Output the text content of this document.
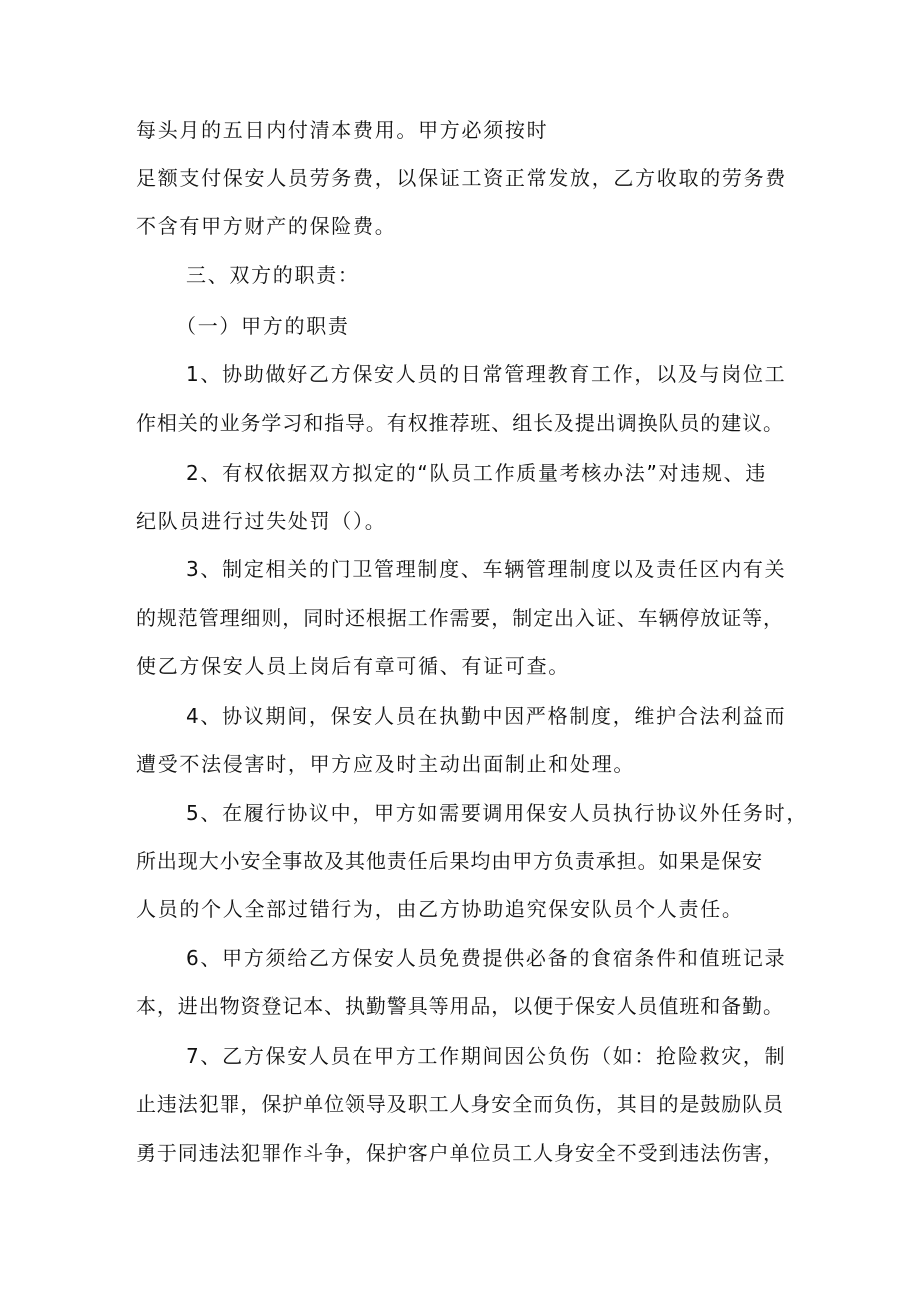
每头月的五日内付清本费用。甲方必须按时

足额支付保安人员劳务费，以保证工资正常发放，乙方收取的劳务费

不含有甲方财产的保险费。

三、双方的职责：

（一）甲方的职责

1、协助做好乙方保安人员的日常管理教育工作，以及与岗位工

作相关的业务学习和指导。有权推荐班、组长及提出调换队员的建议。

2、有权依据双方拟定的“队员工作质量考核办法”对违规、违

纪队员进行过失处罚（）。

3、制定相关的门卫管理制度、车辆管理制度以及责任区内有关

的规范管理细则，同时还根据工作需要，制定出入证、车辆停放证等，

使乙方保安人员上岗后有章可循、有证可查。

4、协议期间，保安人员在执勤中因严格制度，维护合法利益而

遭受不法侵害时，甲方应及时主动出面制止和处理。

5、在履行协议中，甲方如需要调用保安人员执行协议外任务时，

所出现大小安全事故及其他责任后果均由甲方负责承担。如果是保安

人员的个人全部过错行为，由乙方协助追究保安队员个人责任。

6、甲方须给乙方保安人员免费提供必备的食宿条件和值班记录

本，进出物资登记本、执勤警具等用品，以便于保安人员值班和备勤。

7、乙方保安人员在甲方工作期间因公负伤（如：抢险救灾，制

止违法犯罪，保护单位领导及职工人身安全而负伤，其目的是鼓励队员

勇于同违法犯罪作斗争，保护客户单位员工人身安全不受到违法伤害，
